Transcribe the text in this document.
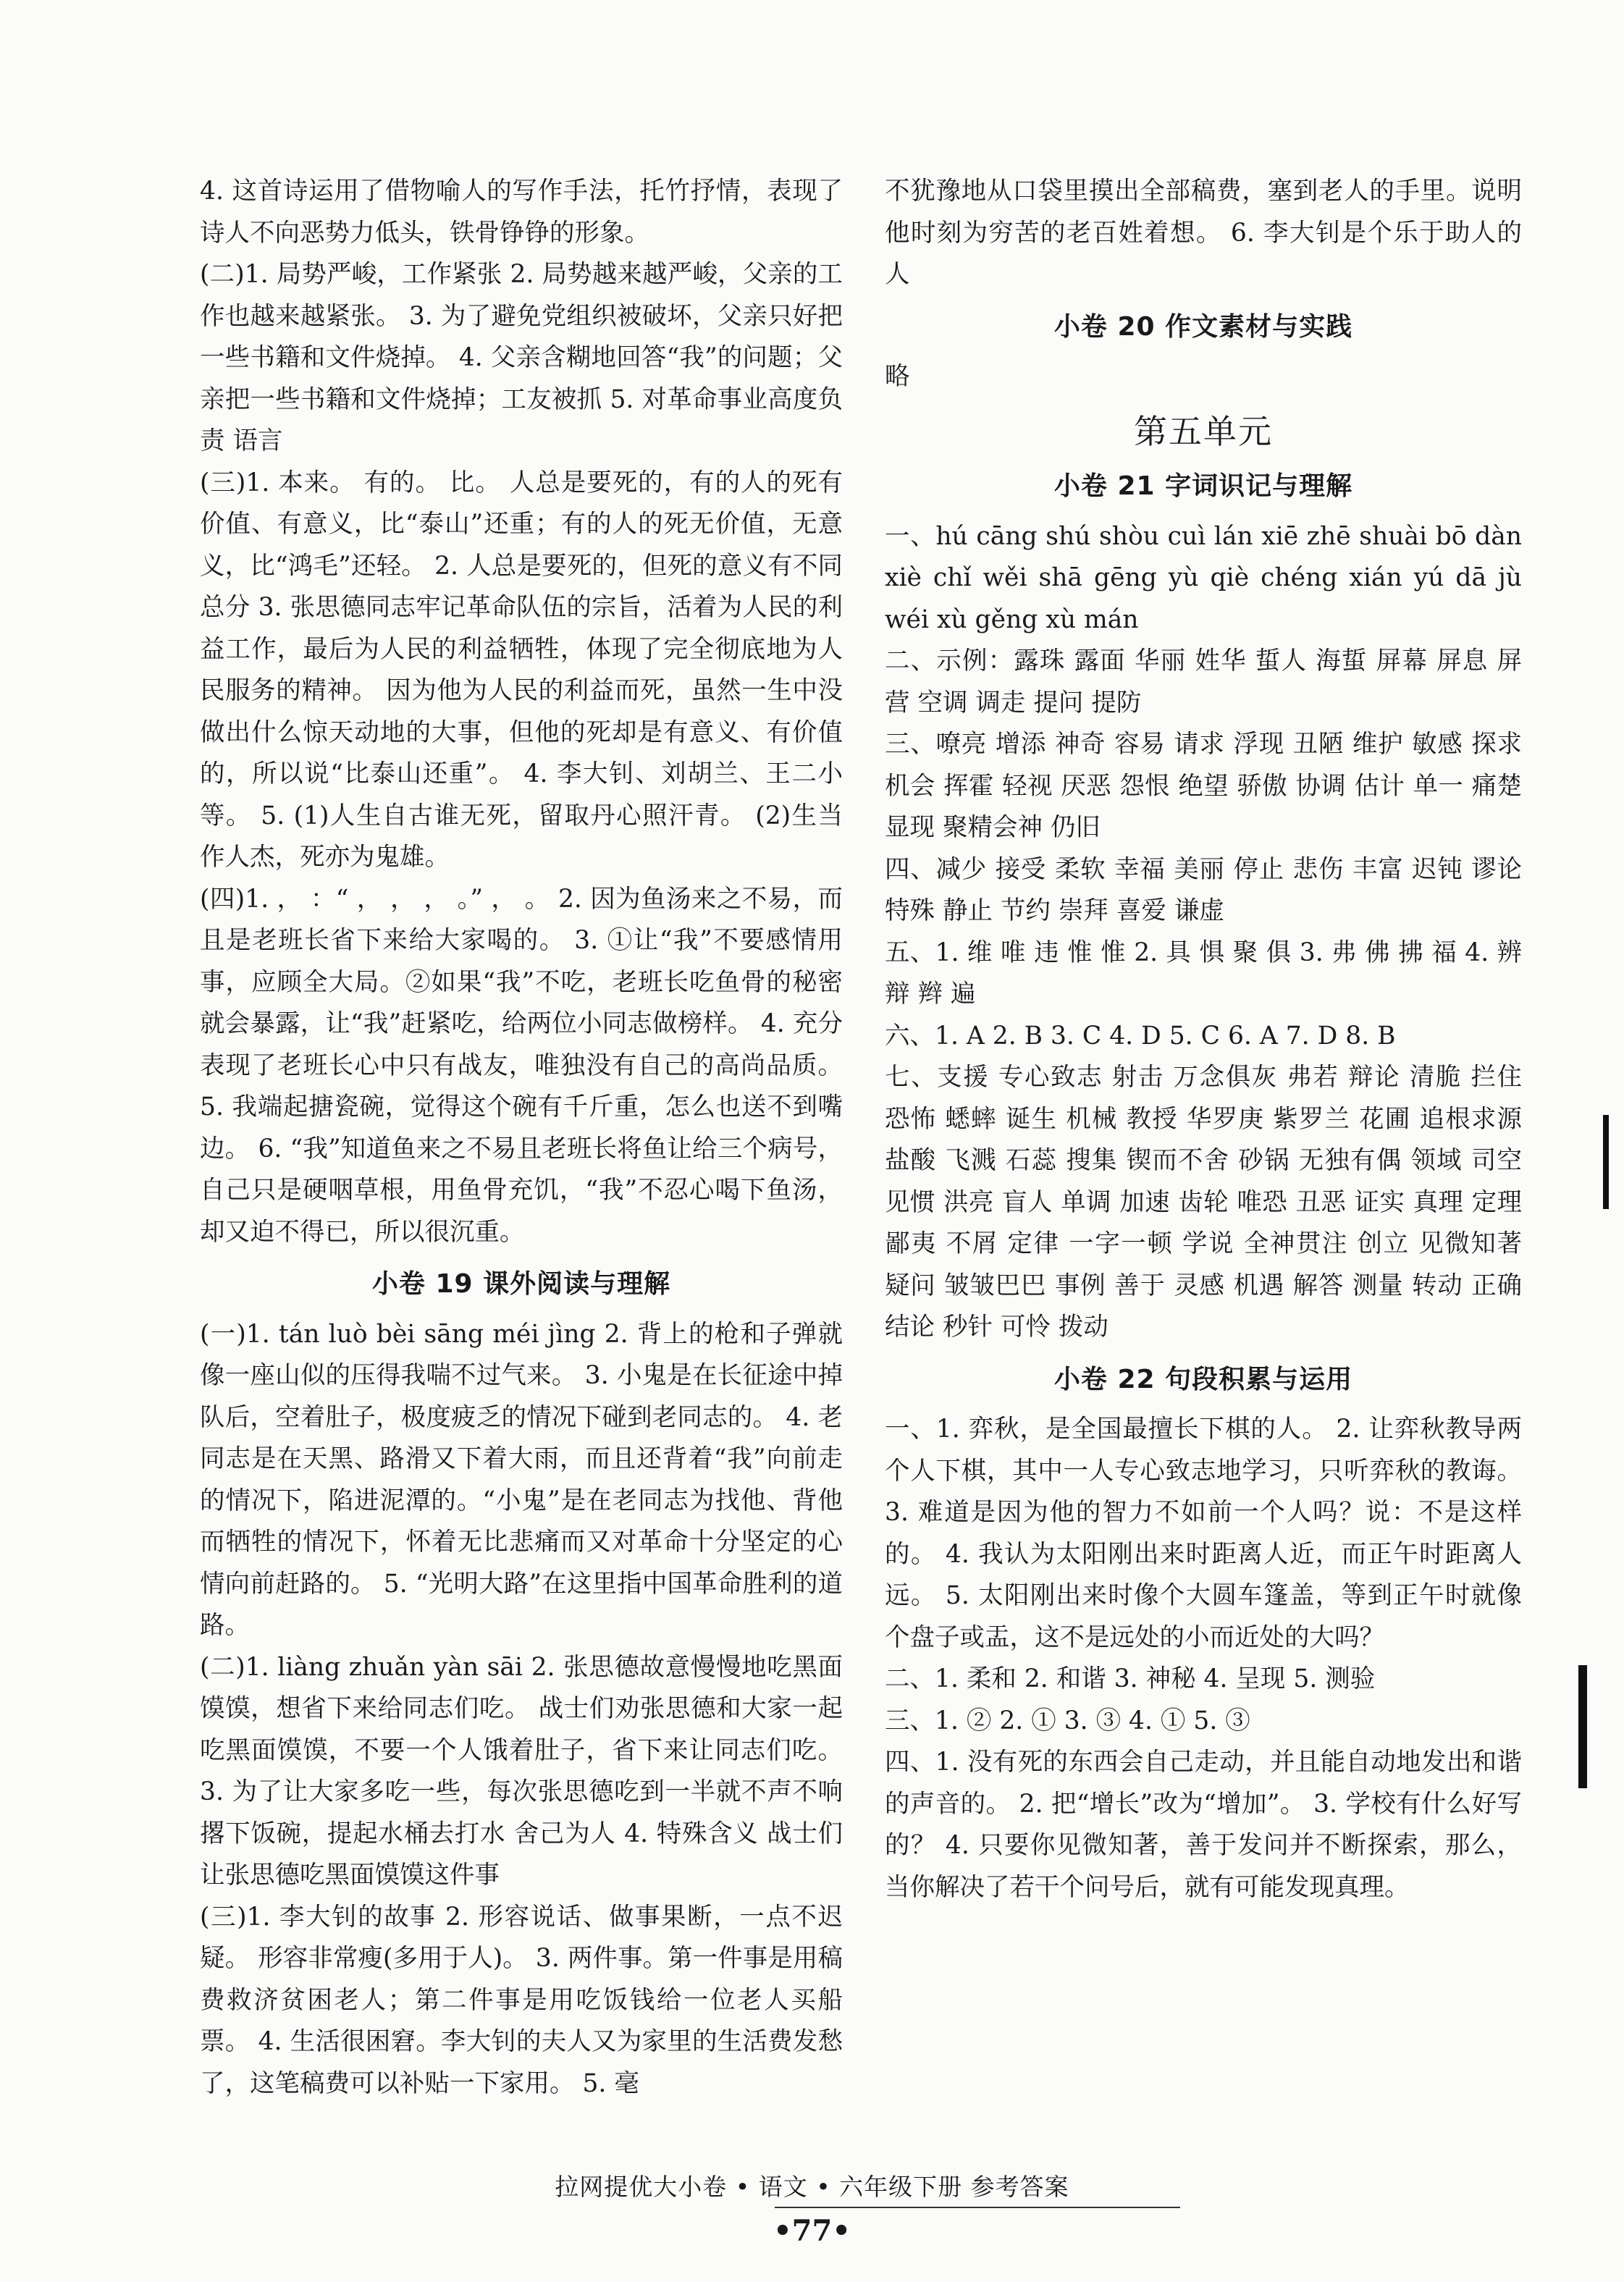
4. 这首诗运用了借物喻人的写作手法，托竹抒情，表现了诗人不向恶势力低头，铁骨铮铮的形象。

(二)1. 局势严峻，工作紧张 2. 局势越来越严峻，父亲的工作也越来越紧张。 3. 为了避免党组织被破坏，父亲只好把一些书籍和文件烧掉。 4. 父亲含糊地回答“我”的问题；父亲把一些书籍和文件烧掉；工友被抓 5. 对革命事业高度负责 语言

(三)1. 本来。 有的。 比。 人总是要死的，有的人的死有价值、有意义，比“泰山”还重；有的人的死无价值，无意义，比“鸿毛”还轻。 2. 人总是要死的，但死的意义有不同 总分 3. 张思德同志牢记革命队伍的宗旨，活着为人民的利益工作，最后为人民的利益牺牲，体现了完全彻底地为人民服务的精神。 因为他为人民的利益而死，虽然一生中没做出什么惊天动地的大事，但他的死却是有意义、有价值的，所以说“比泰山还重”。 4. 李大钊、刘胡兰、王二小等。 5. (1)人生自古谁无死，留取丹心照汗青。 (2)生当作人杰，死亦为鬼雄。

(四)1. ， ：“ ， ， ， 。” ， 。 2. 因为鱼汤来之不易，而且是老班长省下来给大家喝的。 3. ①让“我”不要感情用事，应顾全大局。②如果“我”不吃，老班长吃鱼骨的秘密就会暴露，让“我”赶紧吃，给两位小同志做榜样。 4. 充分表现了老班长心中只有战友，唯独没有自己的高尚品质。 5. 我端起搪瓷碗，觉得这个碗有千斤重，怎么也送不到嘴边。 6. “我”知道鱼来之不易且老班长将鱼让给三个病号，自己只是硬咽草根，用鱼骨充饥，“我”不忍心喝下鱼汤，却又迫不得已，所以很沉重。

小卷 19 课外阅读与理解

(一)1. tán luò bèi sāng méi jìng 2. 背上的枪和子弹就像一座山似的压得我喘不过气来。 3. 小鬼是在长征途中掉队后，空着肚子，极度疲乏的情况下碰到老同志的。 4. 老同志是在天黑、路滑又下着大雨，而且还背着“我”向前走的情况下，陷进泥潭的。“小鬼”是在老同志为找他、背他而牺牲的情况下，怀着无比悲痛而又对革命十分坚定的心情向前赶路的。 5. “光明大路”在这里指中国革命胜利的道路。

(二)1. liàng zhuǎn yàn sāi 2. 张思德故意慢慢地吃黑面馍馍，想省下来给同志们吃。 战士们劝张思德和大家一起吃黑面馍馍，不要一个人饿着肚子，省下来让同志们吃。 3. 为了让大家多吃一些，每次张思德吃到一半就不声不响撂下饭碗，提起水桶去打水 舍己为人 4. 特殊含义 战士们让张思德吃黑面馍馍这件事

(三)1. 李大钊的故事 2. 形容说话、做事果断，一点不迟疑。 形容非常瘦(多用于人)。 3. 两件事。第一件事是用稿费救济贫困老人；第二件事是用吃饭钱给一位老人买船票。 4. 生活很困窘。李大钊的夫人又为家里的生活费发愁了，这笔稿费可以补贴一下家用。 5. 毫

不犹豫地从口袋里摸出全部稿费，塞到老人的手里。说明他时刻为穷苦的老百姓着想。 6. 李大钊是个乐于助人的人

小卷 20 作文素材与实践

略

第五单元

小卷 21 字词识记与理解

一、hú cāng shú shòu cuì lán xiē zhē shuài bō dàn xiè chǐ wěi shā gēng yù qiè chéng xián yú dā jù wéi xù gěng xù mán

二、示例：露珠 露面 华丽 姓华 蜇人 海蜇 屏幕 屏息 屏营 空调 调走 提问 提防

三、嘹亮 增添 神奇 容易 请求 浮现 丑陋 维护 敏感 探求 机会 挥霍 轻视 厌恶 怨恨 绝望 骄傲 协调 估计 单一 痛楚 显现 聚精会神 仍旧

四、减少 接受 柔软 幸福 美丽 停止 悲伤 丰富 迟钝 谬论 特殊 静止 节约 崇拜 喜爱 谦虚

五、1. 维 唯 违 惟 惟 2. 具 惧 聚 俱 3. 弗 佛 拂 福 4. 辨 辩 辫 遍

六、1. A 2. B 3. C 4. D 5. C 6. A 7. D 8. B

七、支援 专心致志 射击 万念俱灰 弗若 辩论 清脆 拦住 恐怖 蟋蟀 诞生 机械 教授 华罗庚 紫罗兰 花圃 追根求源 盐酸 飞溅 石蕊 搜集 锲而不舍 砂锅 无独有偶 领域 司空见惯 洪亮 盲人 单调 加速 齿轮 唯恐 丑恶 证实 真理 定理 鄙夷 不屑 定律 一字一顿 学说 全神贯注 创立 见微知著 疑问 皱皱巴巴 事例 善于 灵感 机遇 解答 测量 转动 正确 结论 秒针 可怜 拨动

小卷 22 句段积累与运用

一、1. 弈秋，是全国最擅长下棋的人。 2. 让弈秋教导两个人下棋，其中一人专心致志地学习，只听弈秋的教诲。 3. 难道是因为他的智力不如前一个人吗？说：不是这样的。 4. 我认为太阳刚出来时距离人近，而正午时距离人远。 5. 太阳刚出来时像个大圆车篷盖，等到正午时就像个盘子或盂，这不是远处的小而近处的大吗？

二、1. 柔和 2. 和谐 3. 神秘 4. 呈现 5. 测验

三、1. ② 2. ① 3. ③ 4. ① 5. ③

四、1. 没有死的东西会自己走动，并且能自动地发出和谐的声音的。 2. 把“增长”改为“增加”。 3. 学校有什么好写的？ 4. 只要你见微知著，善于发问并不断探索，那么，当你解决了若干个问号后，就有可能发现真理。

拉网提优大小卷 • 语文 • 六年级下册 参考答案
•77•
